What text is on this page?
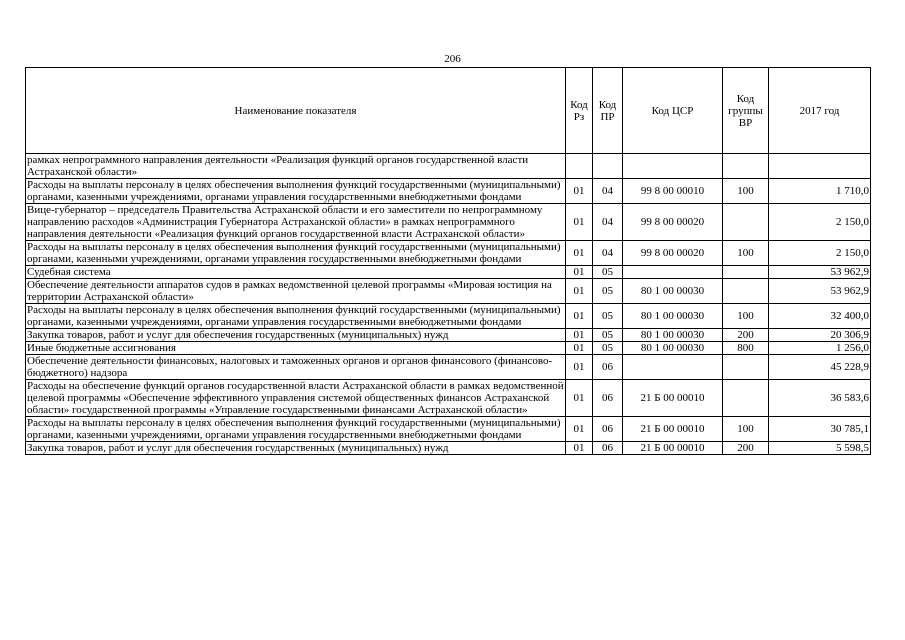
206
Наименование показателя	Код Рз	Код ПР	Код ЦСР	Код группы ВР	2017 год
рамках непрограммного направления деятельности «Реализация функций органов государственной власти Астраханской области»					
Расходы на выплаты персоналу в целях обеспечения выполнения функций государственными (муниципальными) органами, казенными учреждениями, органами управления государственными внебюджетными фондами	01	04	99 8 00 00010	100	1 710,0
Вице-губернатор – председатель Правительства Астраханской области и его заместители по непрограммному направлению расходов «Администрация Губернатора Астраханской области» в рамках непрограммного направления деятельности «Реализация функций органов государственной власти Астраханской области»	01	04	99 8 00 00020		2 150,0
Расходы на выплаты персоналу в целях обеспечения выполнения функций государственными (муниципальными) органами, казенными учреждениями, органами управления государственными внебюджетными фондами	01	04	99 8 00 00020	100	2 150,0
Судебная система	01	05			53 962,9
Обеспечение деятельности аппаратов судов в рамках ведомственной целевой программы «Мировая юстиция на территории Астраханской области»	01	05	80 1 00 00030		53 962,9
Расходы на выплаты персоналу в целях обеспечения выполнения функций государственными (муниципальными) органами, казенными учреждениями, органами управления государственными внебюджетными фондами	01	05	80 1 00 00030	100	32 400,0
Закупка товаров, работ и услуг для обеспечения государственных (муниципальных) нужд	01	05	80 1 00 00030	200	20 306,9
Иные бюджетные ассигнования	01	05	80 1 00 00030	800	1 256,0
Обеспечение деятельности финансовых, налоговых и таможенных органов и органов финансового (финансово-бюджетного) надзора	01	06			45 228,9
Расходы на обеспечение функций органов государственной власти Астраханской области в рамках ведомственной целевой программы «Обеспечение эффективного управления системой общественных финансов Астраханской области» государственной программы «Управление государственными финансами Астраханской области»	01	06	21 Б 00 00010		36 583,6
Расходы на выплаты персоналу в целях обеспечения выполнения функций государственными (муниципальными) органами, казенными учреждениями, органами управления государственными внебюджетными фондами	01	06	21 Б 00 00010	100	30 785,1
Закупка товаров, работ и услуг для обеспечения государственных (муниципальных) нужд	01	06	21 Б 00 00010	200	5 598,5
